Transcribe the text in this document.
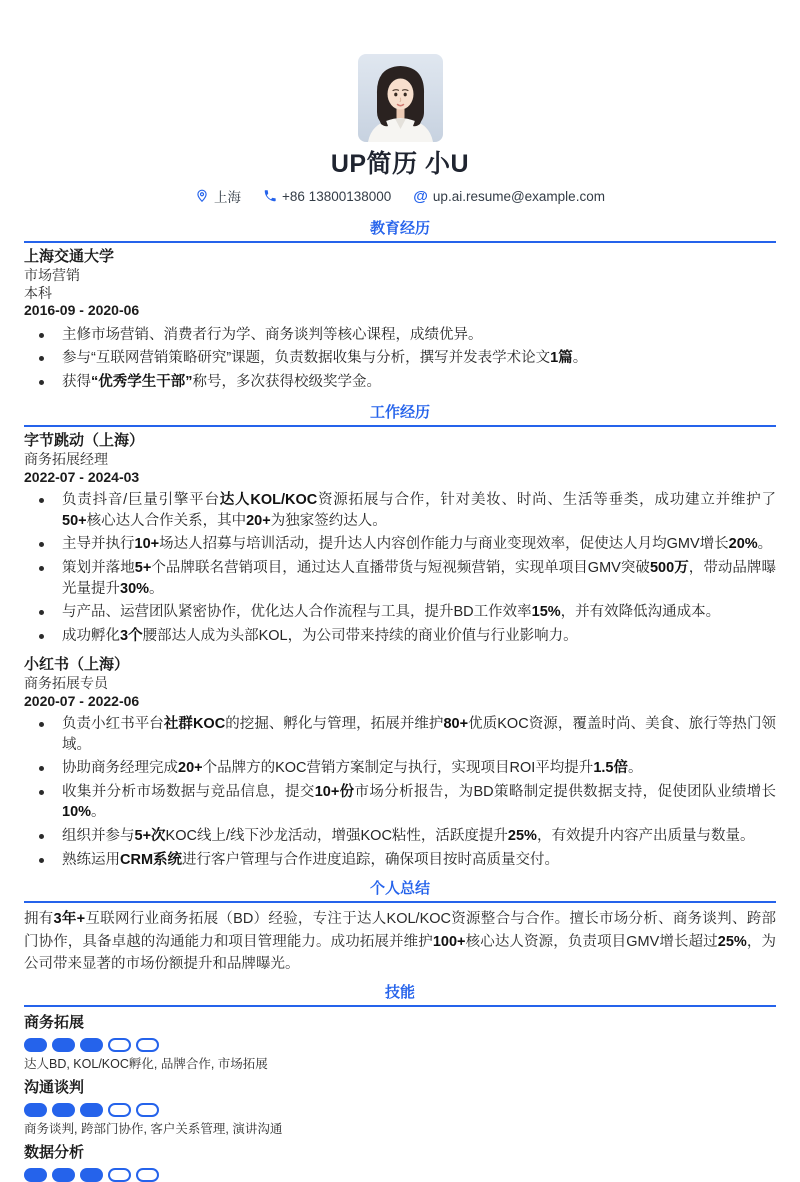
UP简历 小U
上海	+86 13800138000 @ up.ai.resume@example.com
教育经历
上海交通大学
市场营销
本科
2016-09 - 2020-06
主修市场营销、消费者行为学、商务谈判等核心课程，成绩优异。
参与“互联网营销策略研究”课题，负责数据收集与分析，撰写并发表学术论文1篇。
获得“优秀学生干部”称号，多次获得校级奖学金。
工作经历
字节跳动（上海）
商务拓展经理
2022-07 - 2024-03
负责抖音/巨量引擎平台达人KOL/KOC资源拓展与合作，针对美妆、时尚、生活等垂类，成功建立并维护了50+核心达人合作关系，其中20+为独家签约达人。
主导并执行10+场达人招募与培训活动，提升达人内容创作能力与商业变现效率，促使达人月均GMV增长20%。
策划并落地5+个品牌联名营销项目，通过达人直播带货与短视频营销，实现单项目GMV突破500万，带动品牌曝光量提升30%。
与产品、运营团队紧密协作，优化达人合作流程与工具，提升BD工作效率15%，并有效降低沟通成本。
成功孵化3个腰部达人成为头部KOL，为公司带来持续的商业价值与行业影响力。
小红书（上海）
商务拓展专员
2020-07 - 2022-06
负责小红书平台社群KOC的挖掘、孵化与管理，拓展并维护80+优质KOC资源，覆盖时尚、美食、旅行等热门领域。
协助商务经理完成20+个品牌方的KOC营销方案制定与执行，实现项目ROI平均提升1.5倍。
收集并分析市场数据与竞品信息，提交10+份市场分析报告，为BD策略制定提供数据支持，促使团队业绩增长10%。
组织并参与5+次KOC线上/线下沙龙活动，增强KOC粘性，活跃度提升25%，有效提升内容产出质量与数量。
熟练运用CRM系统进行客户管理与合作进度追踪，确保项目按时高质量交付。
个人总结

拥有3年+互联网行业商务拓展（BD）经验，专注于达人KOL/KOC资源整合与合作。擅长市场分析、商务谈判、跨部门协作，具备卓越的沟通能力和项目管理能力。成功拓展并维护100+核心达人资源，负责项目GMV增长超过25%，为公司带来显著的市场份额提升和品牌曝光。

技能
商务拓展
达人BD, KOL/KOC孵化, 品牌合作, 市场拓展
沟通谈判
商务谈判, 跨部门协作, 客户关系管理, 演讲沟通
数据分析
